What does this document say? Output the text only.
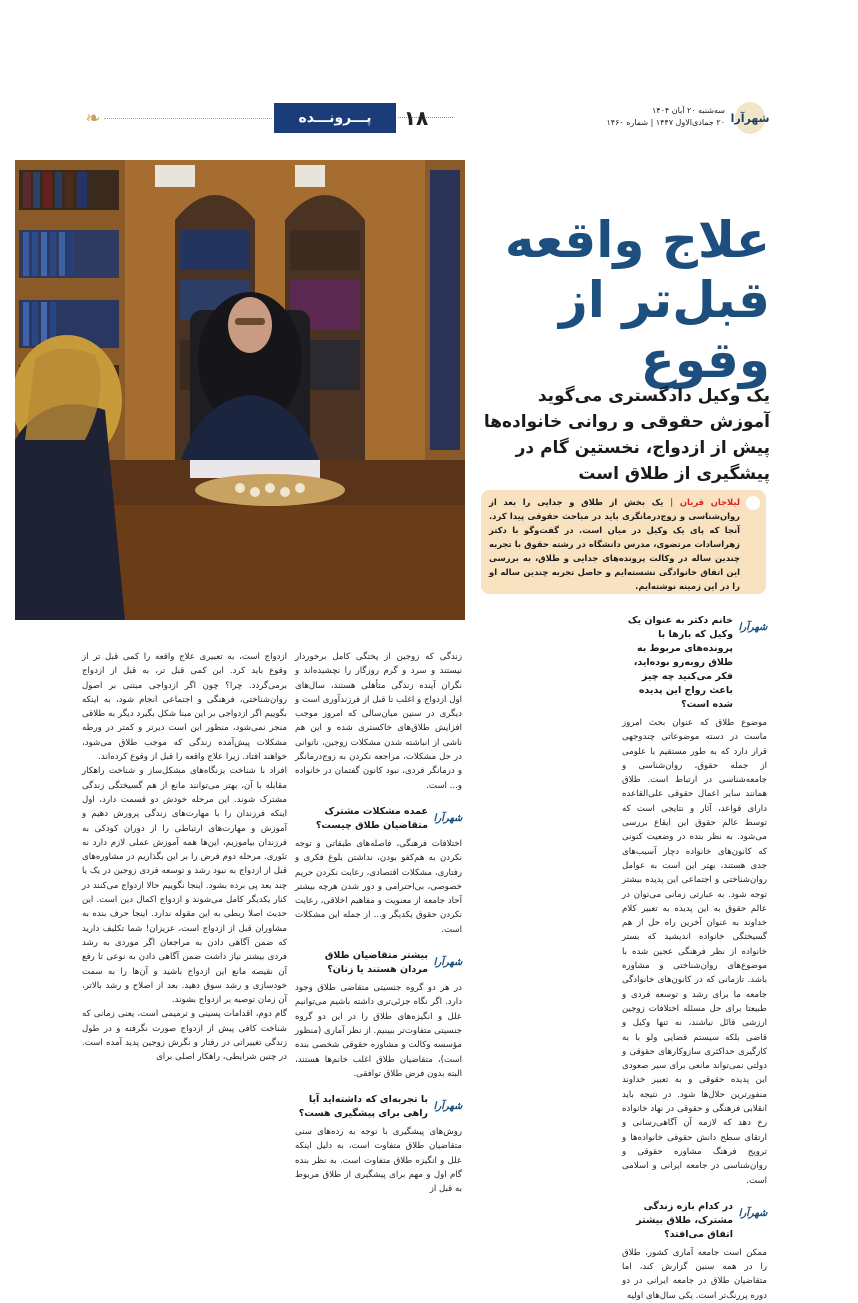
شهرآرا
سه‌شنبه ۲۰ آبان ۱۴۰۴
۲۰ جمادی‌الاول ۱۴۴۷ | شماره ۱۴۶۰
۱۸
پـــرونـــده
❧
علاج واقعه
قبل‌تر از وقوع

یک وکیل دادگستری می‌گوید آموزش حقوقی و روانی خانواده‌ها پیش از ازدواج، نخستین گام در پیشگیری از طلاق است

لیلاجان قربان | یک بخش از طلاق و جدایی را بعد از روان‌شناسی و زوج‌درمانگری باید در مباحث حقوقی پیدا کرد. آنجا که پای یک وکیل در میان است. در گفت‌وگو با دکتر زهراسادات مرتضوی، مدرس دانشگاه در رشته حقوق با تجربه چندین ساله در وکالت پرونده‌های جدایی و طلاق، به بررسی این اتفاق خانوادگی نشسته‌ایم و حاصل تجربه چندین ساله او را در این زمینه نوشته‌ایم.

شهرآرا
خانم دکتر به عنوان یک وکیل که بارها با پرونده‌های مربوط به طلاق روبه‌رو بوده‌اید، فکر می‌کنید چه چیز باعث رواج این پدیده شده است؟

موضوع طلاق که عنوان بحث امروز ماست در دسته موضوعاتی چندوجهی قرار دارد که به طور مستقیم با علومی از جمله حقوق، روان‌شناسی و جامعه‌شناسی در ارتباط است. طلاق همانند سایر اعمال حقوقی علی‌القاعده دارای قواعد، آثار و نتایجی است که توسط عالم حقوق این ایقاع بررسی می‌شود. به نظر بنده در وضعیت کنونی که کانون‌های خانواده دچار آسیب‌های جدی هستند، بهتر این است به عوامل روان‌شناختی و اجتماعی این پدیده بیشتر توجه شود. به عبارتی زمانی می‌توان در عالم حقوق به این پدیده به تعبیر کلام خداوند به عنوان آخرین راه حل از هم گسیختگی خانواده اندیشید که بستر خانواده از نظر فرهنگی عجین شده با موضوع‌های روان‌شناختی و مشاوره باشد. تازمانی که در کانون‌های خانوادگی جامعه ما برای رشد و توسعه فردی و طبیعتا برای حل مسئله اختلافات زوجین ارزشی قائل نباشند، نه تنها وکیل و قاضی بلکه سیستم قضایی ولو با به کارگیری حداکثری سازوکارهای حقوقی و دولتی نمی‌تواند مانعی برای سیر صعودی این پدیده حقوقی و به تعبیر خداوند منفورترین حلال‌ها شود. در نتیجه باید انقلابی فرهنگی و حقوقی در نهاد خانواده رخ دهد که لازمه آن آگاهی‌رسانی و ارتقای سطح دانش حقوقی خانواده‌ها و ترویج فرهنگ مشاوره حقوقی و روان‌شناسی در جامعه ایرانی و اسلامی است.

شهرآرا
در کدام بازه زندگی مشترک، طلاق بیشتر اتفاق می‌افتد؟

ممکن است جامعه آماری کشور، طلاق را در همه سنین گزارش کند، اما متقاضیان طلاق در جامعه ایرانی در دو دوره پررنگ‌تر است. یکی سال‌های اولیه

زندگی که زوجین از پختگی کامل برخوردار نیستند و سرد و گرم روزگار را نچشیده‌اند و نگران آینده زندگی متأهلی هستند، سال‌های اول ازدواج و اغلب تا قبل از فرزندآوری است و دیگری در سنین میان‌سالی که امروز موجب افزایش طلاق‌های خاکستری شده و این هم ناشی از انباشته شدن مشکلات زوجین، ناتوانی در حل مشکلات، مراجعه نکردن به زوج‌درمانگر و درمانگر فردی، نبود کانون گفتمان در خانواده و... است.

شهرآرا
عمده مشکلات مشترک متقاضیان طلاق چیست؟

اختلافات فرهنگی، فاصله‌های طبقاتی و توجه نکردن به هم‌کفو بودن، نداشتن بلوغ فکری و رفتاری، مشکلات اقتصادی، رعایت نکردن حریم خصوصی، بی‌احترامی و دور شدن هرچه بیشتر آحاد جامعه از معنویت و مفاهیم اخلاقی، رعایت نکردن حقوق یکدیگر و... از جمله این مشکلات است.

شهرآرا
بیشتر متقاضیان طلاق مردان هستند یا زنان؟

در هر دو گروه جنسیتی متقاضی طلاق وجود دارد. اگر نگاه جزئی‌تری داشته باشیم می‌توانیم علل و انگیزه‌های طلاق را در این دو گروه جنسیتی متفاوت‌تر ببینیم. از نظر آماری (منظور مؤسسه وکالت و مشاوره حقوقی شخصی بنده است)، متقاضیان طلاق اغلب خانم‌ها هستند، البته بدون فرض طلاق توافقی.

شهرآرا
با تجربه‌ای که داشته‌اید آیا راهی برای پیشگیری هست؟

روش‌های پیشگیری با توجه به رده‌های سنی متقاضیان طلاق متفاوت است، به دلیل اینکه علل و انگیزه طلاق متفاوت است. به نظر بنده گام اول و مهم برای پیشگیری از طلاق مربوط به قبل از

ازدواج است، به تعبیری علاج واقعه را کمی قبل تر از وقوع باید کرد. این کمی قبل تر، به قبل از ازدواج برمی‌گردد. چرا؟ چون اگر ازدواجی مبتنی بر اصول روان‌شناختی، فرهنگی و اجتماعی انجام شود، به اینکه بگوییم اگر ازدواجی بر این مبنا شکل بگیرد دیگر به طلاقی منجر نمی‌شود، منظور این است دیرتر و کمتر در ورطه مشکلات پیش‌آمده زندگی که موجب طلاق می‌شود، خواهند افتاد. زیرا علاج واقعه را قبل از وقوع کرده‌اند.

افراد با شناخت بزنگاه‌های مشکل‌ساز و شناخت راهکار مقابله با آن، بهتر می‌توانند مانع از هم گسیختگی زندگی مشترک شوند. این مرحله خودش دو قسمت دارد، اول اینکه فرزندان را با مهارت‌های زندگی پرورش دهیم و آموزش و مهارت‌های ارتباطی را از دوران کودکی به فرزندان بیاموزیم، این‌ها همه آموزش عملی لازم دارد نه تئوری. مرحله دوم فرض را بر این بگذاریم در مشاوره‌های قبل از ازدواج به نبود رشد و توسعه فردی زوجین در یک یا چند بعد پی برده بشود. اینجا نگوییم حالا ازدواج می‌کنند در کنار یکدیگر کامل می‌شوند و ازدواج اکمال دین است. این حدیث اصلا ربطی به این مقوله ندارد. اینجا حرف بنده به مشاوران قبل از ازدواج است، عزیزان! شما تکلیف دارید که ضمن آگاهی دادن به مراجعان اگر موردی به رشد فردی بیشتر نیاز داشت ضمن آگاهی دادن به نوعی تا رفع آن نقیصه مانع این ازدواج باشید و آن‌ها را به سمت خودسازی و رشد سوق دهید. بعد از اصلاح و رشد بالاتر، آن زمان توصیه بر ازدواج بشوند.

گام دوم، اقدامات پسینی و ترمیمی است، یعنی زمانی که شناخت کافی پیش از ازدواج صورت نگرفته و در طول زندگی تغییراتی در رفتار و نگرش زوجین پدید آمده است. در چنین شرایطی، راهکار اصلی برای
